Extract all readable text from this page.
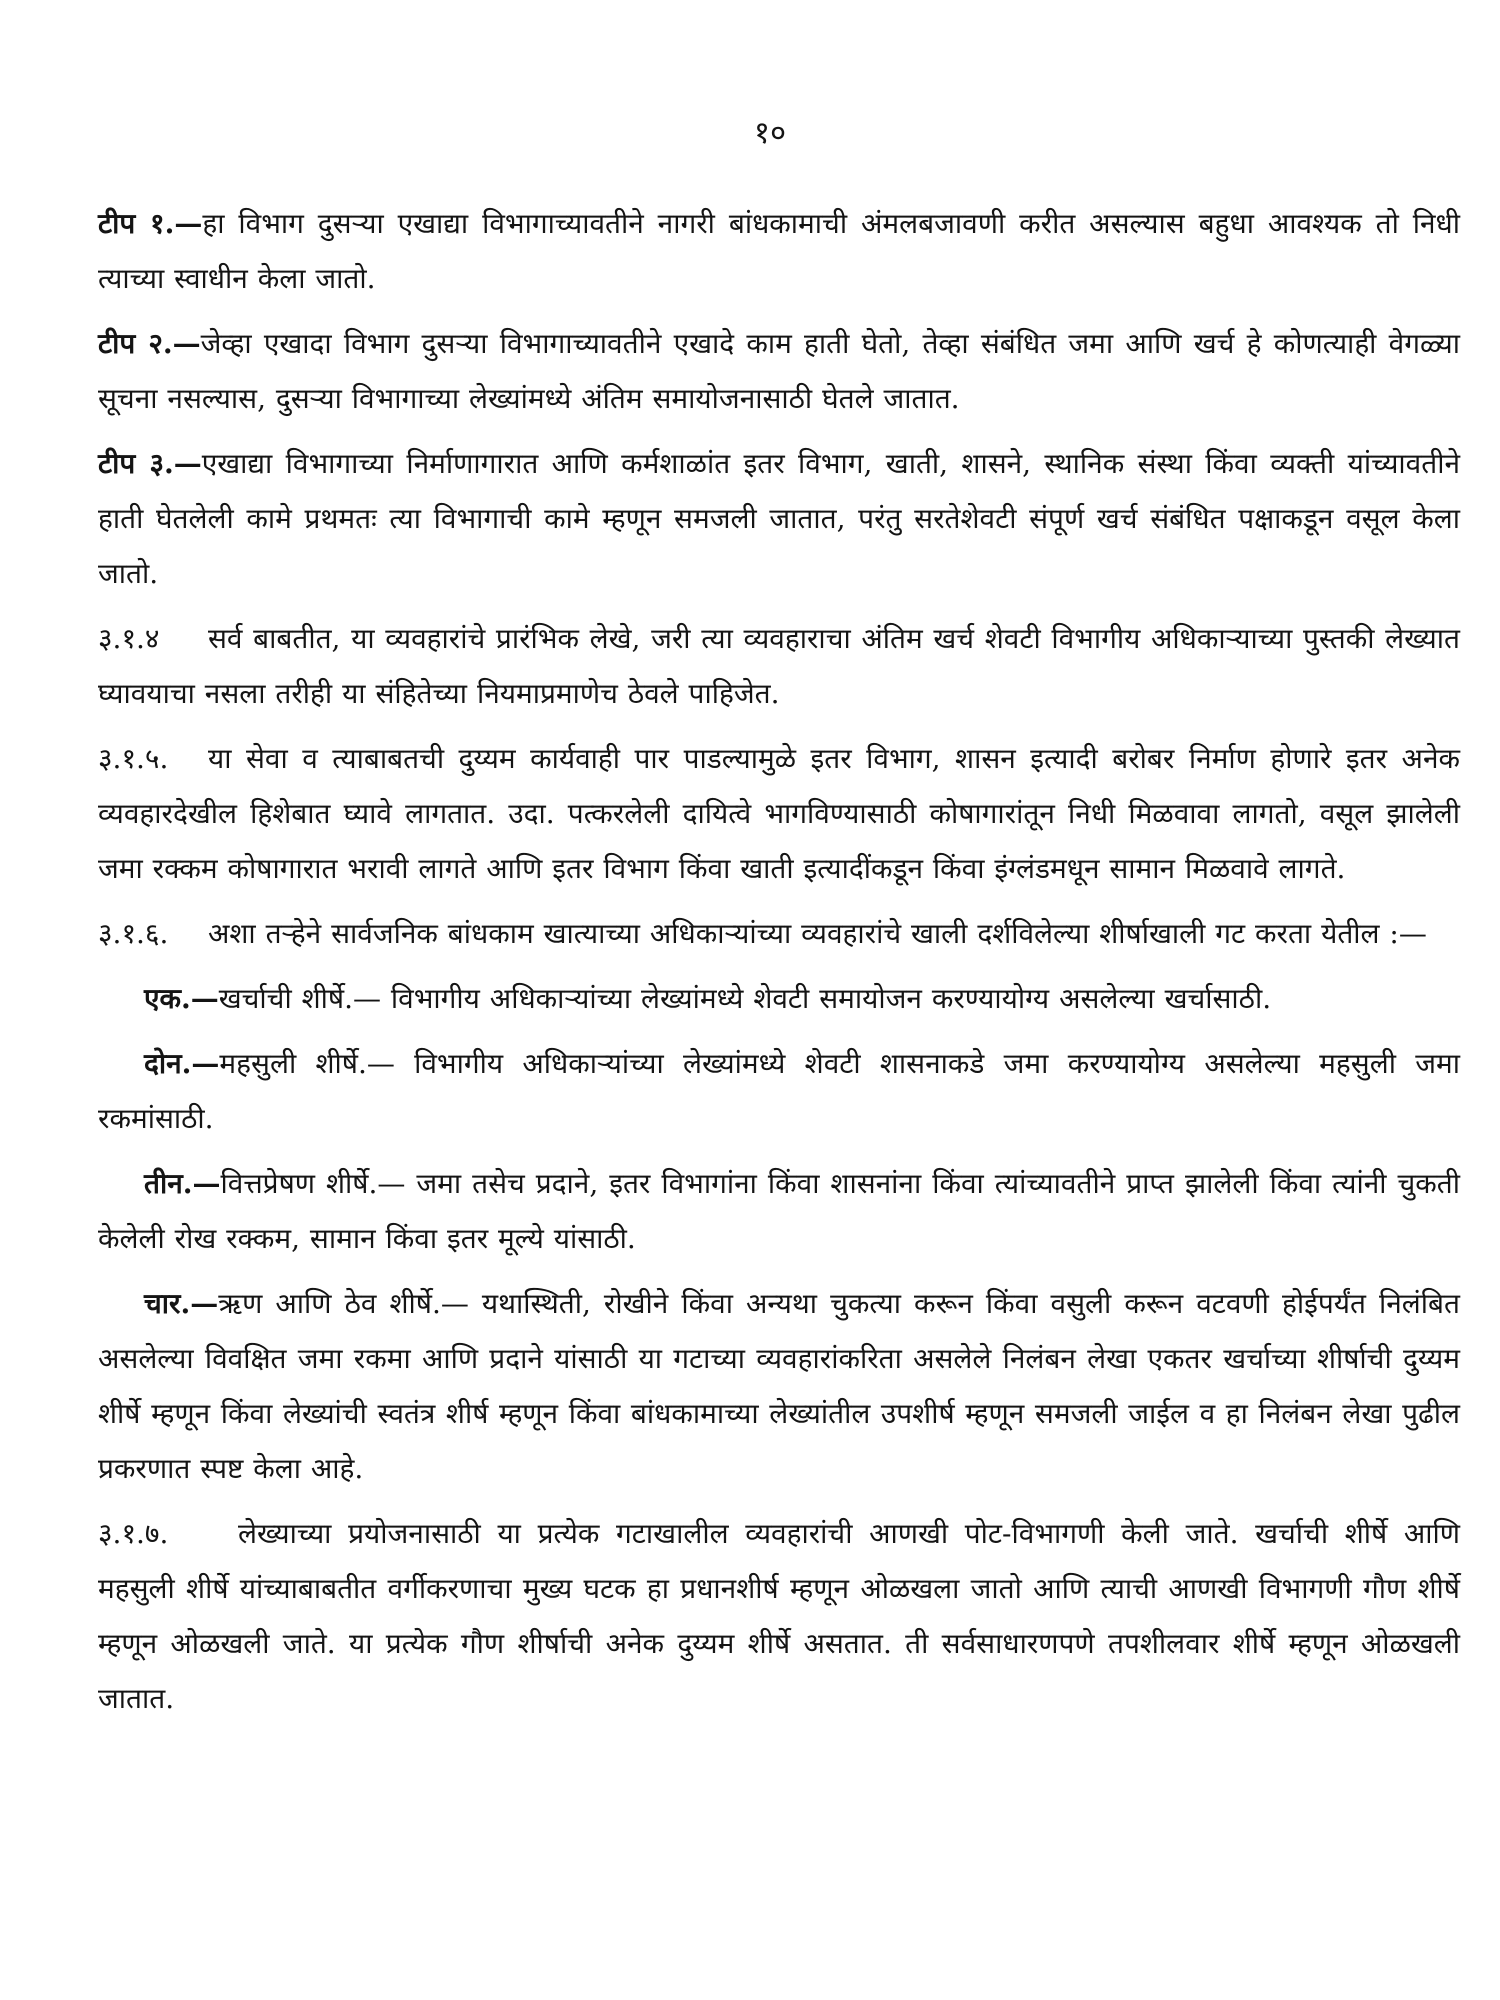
१०

टीप १.—हा विभाग दुसऱ्या एखाद्या विभागाच्यावतीने नागरी बांधकामाची अंमलबजावणी करीत असल्यास बहुधा आवश्यक तो निधी त्याच्या स्वाधीन केला जातो.

टीप २.—जेव्हा एखादा विभाग दुसऱ्या विभागाच्यावतीने एखादे काम हाती घेतो, तेव्हा संबंधित जमा आणि खर्च हे कोणत्याही वेगळ्या सूचना नसल्यास, दुसऱ्या विभागाच्या लेख्यांमध्ये अंतिम समायोजनासाठी घेतले जातात.

टीप ३.—एखाद्या विभागाच्या निर्माणागारात आणि कर्मशाळांत इतर विभाग, खाती, शासने, स्थानिक संस्था किंवा व्यक्ती यांच्यावतीने हाती घेतलेली कामे प्रथमतः त्या विभागाची कामे म्हणून समजली जातात, परंतु सरतेशेवटी संपूर्ण खर्च संबंधित पक्षाकडून वसूल केला जातो.

३.१.४ सर्व बाबतीत, या व्यवहारांचे प्रारंभिक लेखे, जरी त्या व्यवहाराचा अंतिम खर्च शेवटी विभागीय अधिकाऱ्याच्या पुस्तकी लेख्यात घ्यावयाचा नसला तरीही या संहितेच्या नियमाप्रमाणेच ठेवले पाहिजेत.

३.१.५. या सेवा व त्याबाबतची दुय्यम कार्यवाही पार पाडल्यामुळे इतर विभाग, शासन इत्यादी बरोबर निर्माण होणारे इतर अनेक व्यवहारदेखील हिशेबात घ्यावे लागतात. उदा. पत्करलेली दायित्वे भागविण्यासाठी कोषागारांतून निधी मिळवावा लागतो, वसूल झालेली जमा रक्कम कोषागारात भरावी लागते आणि इतर विभाग किंवा खाती इत्यादींकडून किंवा इंग्लंडमधून सामान मिळवावे लागते.

३.१.६. अशा तऱ्हेने सार्वजनिक बांधकाम खात्याच्या अधिकाऱ्यांच्या व्यवहारांचे खाली दर्शविलेल्या शीर्षाखाली गट करता येतील :—

एक.—खर्चाची शीर्षे.— विभागीय अधिकाऱ्यांच्या लेख्यांमध्ये शेवटी समायोजन करण्यायोग्य असलेल्या खर्चासाठी.

दोन.—महसुली शीर्षे.— विभागीय अधिकाऱ्यांच्या लेख्यांमध्ये शेवटी शासनाकडे जमा करण्यायोग्य असलेल्या महसुली जमा रकमांसाठी.

तीन.—वित्तप्रेषण शीर्षे.— जमा तसेच प्रदाने, इतर विभागांना किंवा शासनांना किंवा त्यांच्यावतीने प्राप्त झालेली किंवा त्यांनी चुकती केलेली रोख रक्कम, सामान किंवा इतर मूल्ये यांसाठी.

चार.—ऋण आणि ठेव शीर्षे.— यथास्थिती, रोखीने किंवा अन्यथा चुकत्या करून किंवा वसुली करून वटवणी होईपर्यंत निलंबित असलेल्या विवक्षित जमा रकमा आणि प्रदाने यांसाठी या गटाच्या व्यवहारांकरिता असलेले निलंबन लेखा एकतर खर्चाच्या शीर्षाची दुय्यम शीर्षे म्हणून किंवा लेख्यांची स्वतंत्र शीर्ष म्हणून किंवा बांधकामाच्या लेख्यांतील उपशीर्ष म्हणून समजली जाईल व हा निलंबन लेखा पुढील प्रकरणात स्पष्ट केला आहे.

३.१.७. लेख्याच्या प्रयोजनासाठी या प्रत्येक गटाखालील व्यवहारांची आणखी पोट-विभागणी केली जाते. खर्चाची शीर्षे आणि महसुली शीर्षे यांच्याबाबतीत वर्गीकरणाचा मुख्य घटक हा प्रधानशीर्ष म्हणून ओळखला जातो आणि त्याची आणखी विभागणी गौण शीर्षे म्हणून ओळखली जाते. या प्रत्येक गौण शीर्षाची अनेक दुय्यम शीर्षे असतात. ती सर्वसाधारणपणे तपशीलवार शीर्षे म्हणून ओळखली जातात.
